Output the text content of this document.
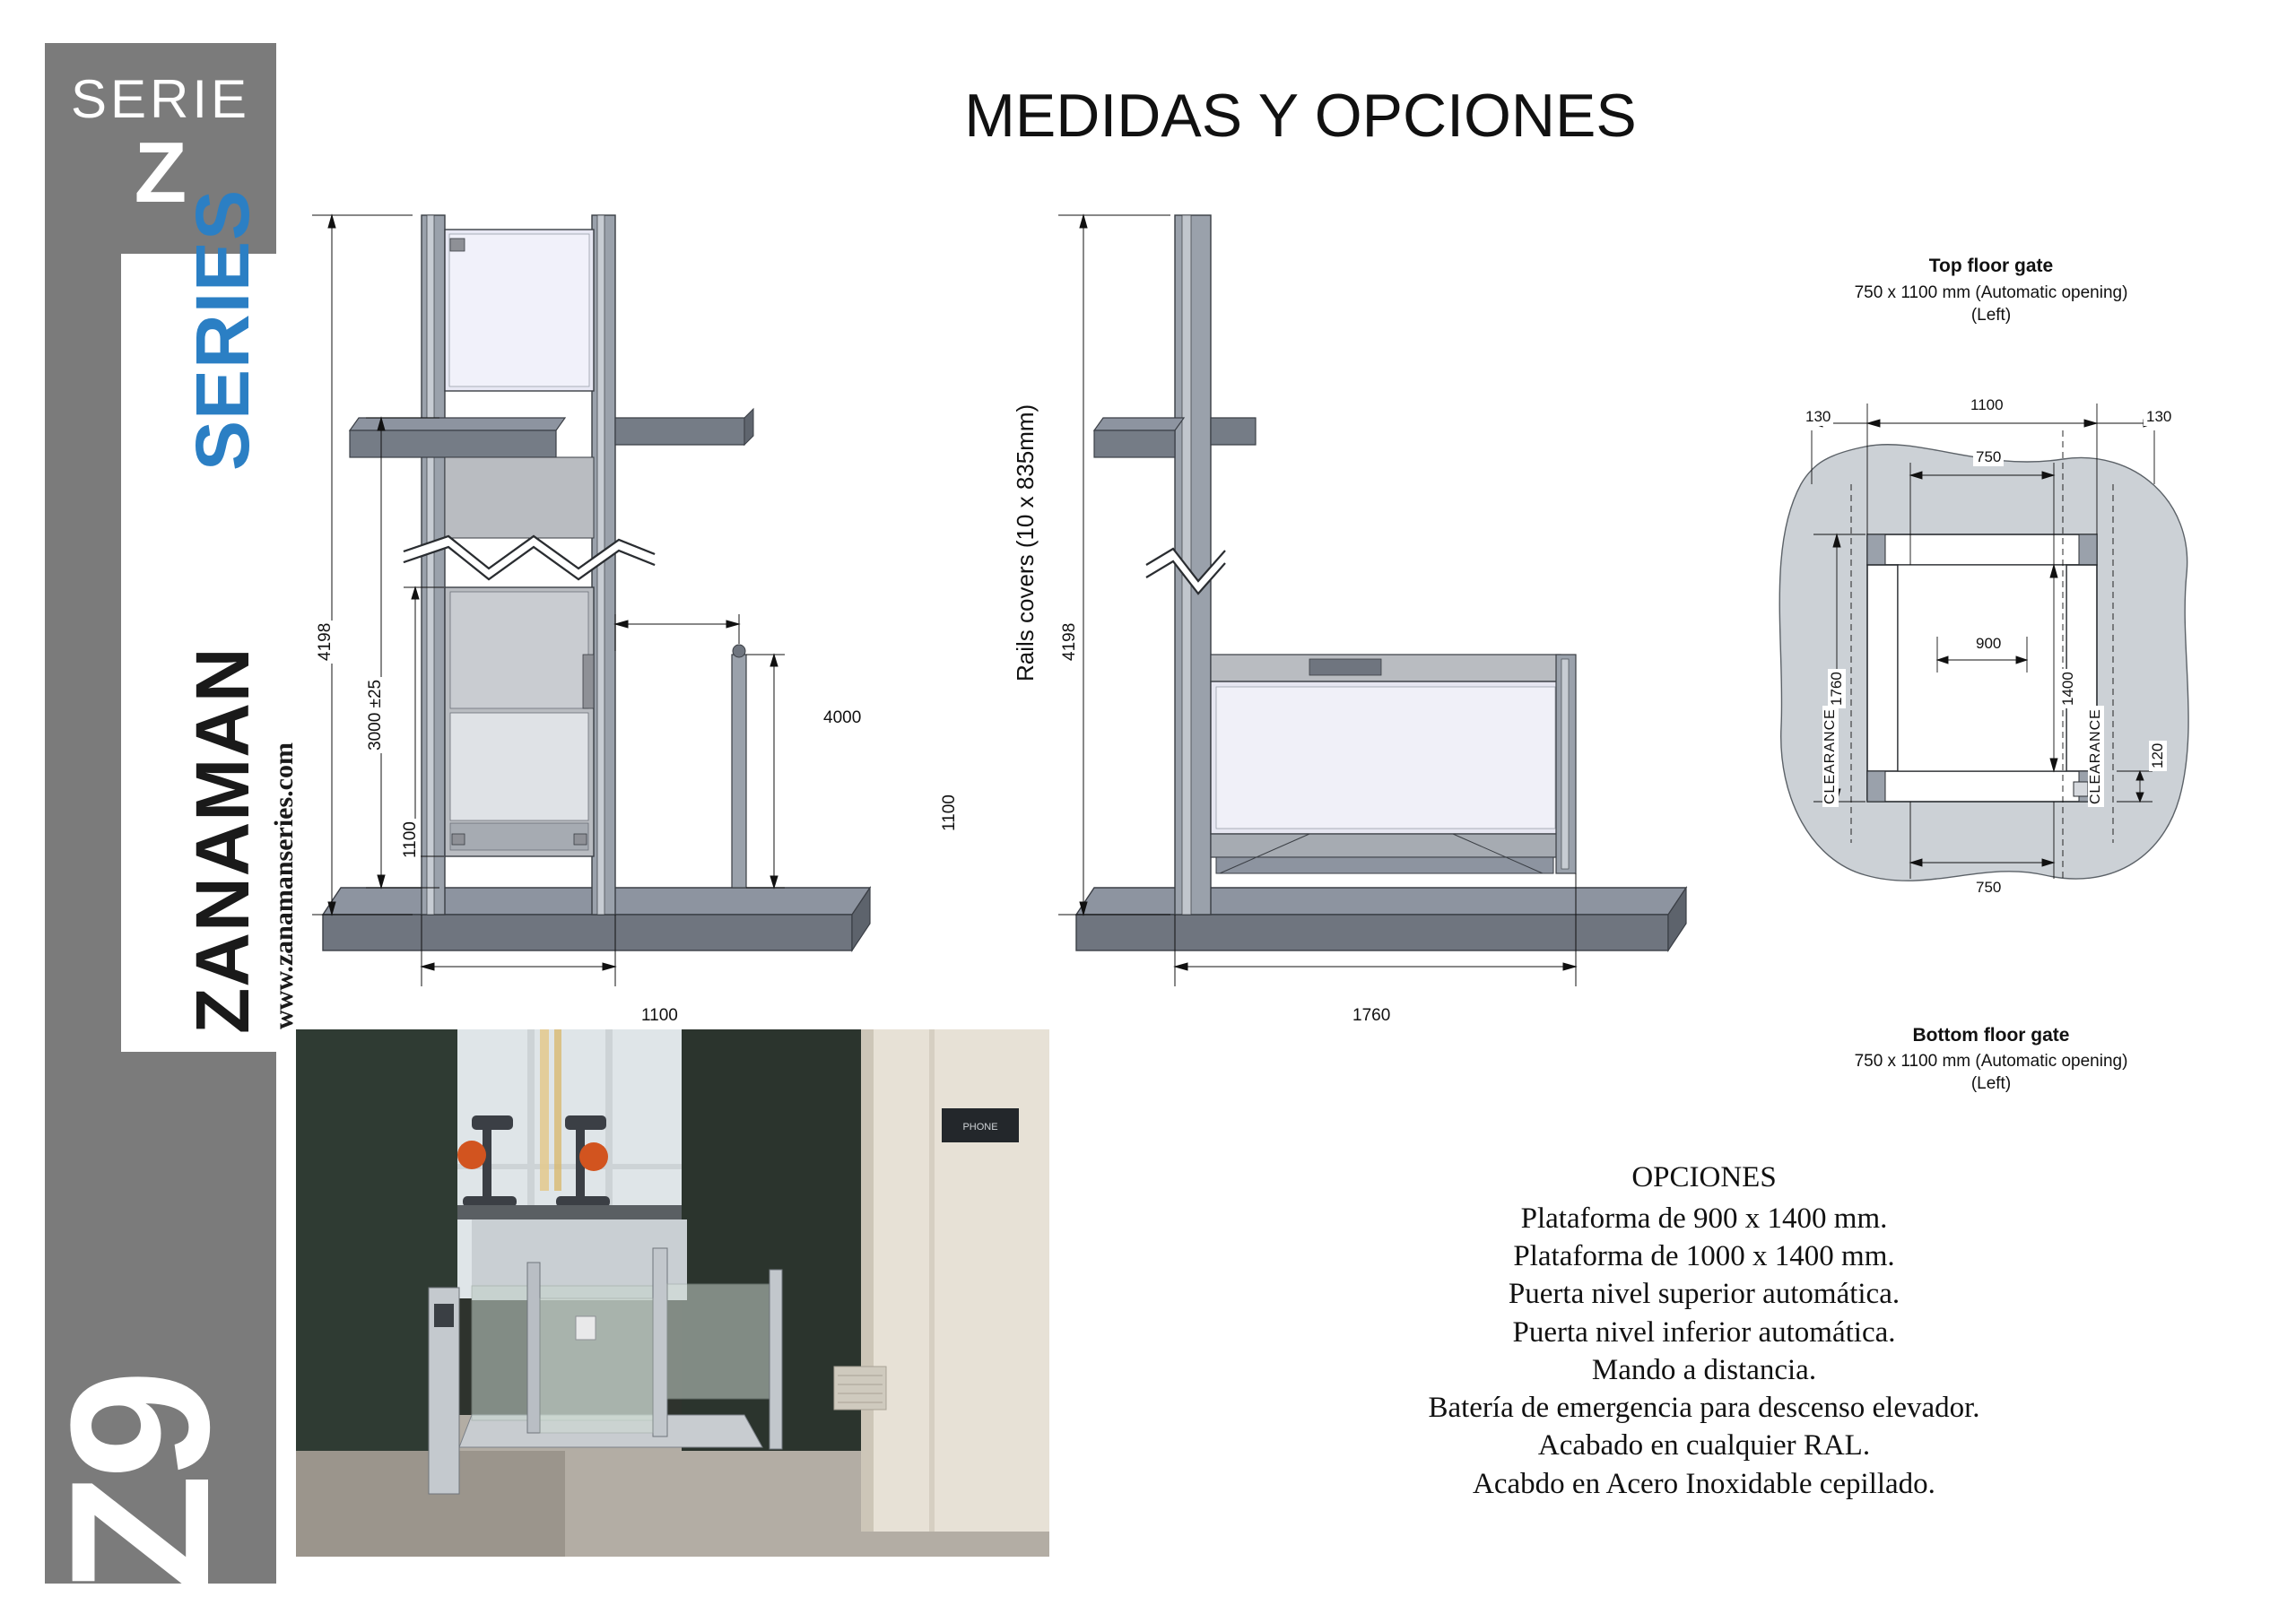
SERIE
Z
ZANAMAN
SERIES
www.zanamanseries.com
Z9
MEDIDAS Y OPCIONES
4198
3000 ±25
1100
4000
1100
1100
4198
1760
Rails covers (10 x 835mm)
Top floor gate
750 x 1100 mm (Automatic opening)
(Left)
130	130
1100
750
900
1400
1760
750
120
CLEARANCE	CLEARANCE
Bottom floor gate
750 x 1100 mm (Automatic opening)
(Left)
PHONE
OPCIONES
Plataforma de 900 x 1400 mm.
Plataforma de 1000 x 1400 mm.
Puerta nivel superior automática.
Puerta nivel inferior automática.
Mando a distancia.
Batería de emergencia para descenso elevador.
Acabado en cualquier RAL.
Acabdo en Acero Inoxidable cepillado.
